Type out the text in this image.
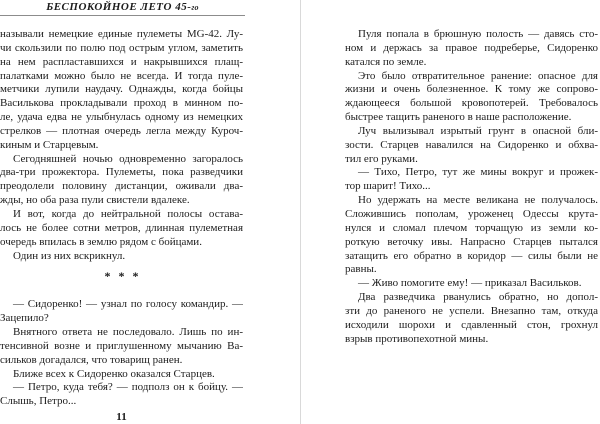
БЕСПОКОЙНОЕ ЛЕТО 45-го
называли немецкие единые пулеметы MG-42. Лу-
чи скользили по полю под острым углом, заметить
на нем распластавшихся и накрывшихся плащ-
палатками можно было не всегда. И тогда пуле-
метчики лупили наудачу. Однажды, когда бойцы
Василькова прокладывали проход в минном по-
ле, удача едва не улыбнулась одному из немецких
стрелков — плотная очередь легла между Куроч-
киным и Старцевым.
Сегодняшней ночью одновременно загоралось
два-три прожектора. Пулеметы, пока разведчики
преодолели половину дистанции, оживали два-
жды, но оба раза пули свистели вдалеке.
И вот, когда до нейтральной полосы остава-
лось не более сотни метров, длинная пулеметная
очередь впилась в землю рядом с бойцами.
Один из них вскрикнул.
* * *
— Сидоренко! — узнал по голосу командир. —
Зацепило?
Внятного ответа не последовало. Лишь по ин-
тенсивной возне и приглушенному мычанию Ва-
сильков догадался, что товарищ ранен.
Ближе всех к Сидоренко оказался Старцев.
— Петро, куда тебя? — подполз он к бойцу. —
Слышь, Петро...
11
Пуля попала в брюшную полость — давясь сто-
ном и держась за правое подреберье, Сидоренко
катался по земле.
Это было отвратительное ранение: опасное для
жизни и очень болезненное. К тому же сопрово-
ждающееся большой кровопотерей. Требовалось
быстрее тащить раненого в наше расположение.
Луч вылизывал изрытый грунт в опасной бли-
зости. Старцев навалился на Сидоренко и обхва-
тил его руками.
— Тихо, Петро, тут же мины вокруг и прожек-
тор шарит! Тихо...
Но удержать на месте великана не получалось.
Сложившись пополам, уроженец Одессы крута-
нулся и сломал плечом торчащую из земли ко-
роткую веточку ивы. Напрасно Старцев пытался
затащить его обратно в коридор — силы были не
равны.
— Живо помогите ему! — приказал Васильков.
Два разведчика рванулись обратно, но допол-
зти до раненого не успели. Внезапно там, откуда
исходили шорохи и сдавленный стон, грохнул
взрыв противопехотной мины.
